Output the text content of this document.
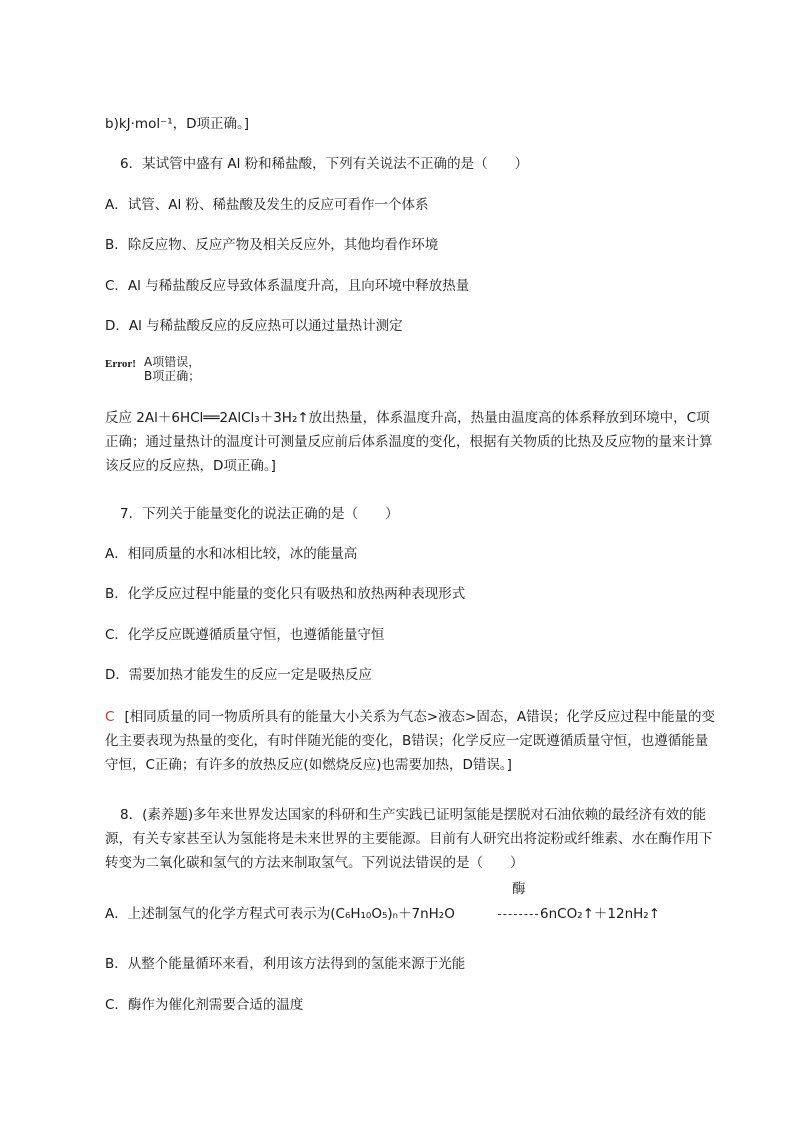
b)kJ·mol⁻¹，D项正确。]
6．某试管中盛有 Al 粉和稀盐酸，下列有关说法不正确的是（　　）
A．试管、Al 粉、稀盐酸及发生的反应可看作一个体系
B．除反应物、反应产物及相关反应外，其他均看作环境
C．Al 与稀盐酸反应导致体系温度升高，且向环境中释放热量
D．Al 与稀盐酸反应的反应热可以通过量热计测定
Error! A项错误，
B项正确；
反应 2Al＋6HCl══2AlCl₃＋3H₂↑放出热量，体系温度升高，热量由温度高的体系释放到环境中，C项正确；通过量热计的温度计可测量反应前后体系温度的变化，根据有关物质的比热及反应物的量来计算该反应的反应热，D项正确。]
7．下列关于能量变化的说法正确的是（　　）
A．相同质量的水和冰相比较，冰的能量高
B．化学反应过程中能量的变化只有吸热和放热两种表现形式
C．化学反应既遵循质量守恒，也遵循能量守恒
D．需要加热才能发生的反应一定是吸热反应
C [相同质量的同一物质所具有的能量大小关系为气态>液态>固态，A错误；化学反应过程中能量的变化主要表现为热量的变化，有时伴随光能的变化，B错误；化学反应一定既遵循质量守恒，也遵循能量守恒，C正确；有许多的放热反应(如燃烧反应)也需要加热，D错误。]
8．(素养题)多年来世界发达国家的科研和生产实践已证明氢能是摆脱对石油依赖的最经济有效的能源，有关专家甚至认为氢能将是未来世界的主要能源。目前有人研究出将淀粉或纤维素、水在酶作用下转变为二氧化碳和氢气的方法来制取氢气。下列说法错误的是（　　）
A．上述制氢气的化学方程式可表示为(C₆H₁₀O₅)ₙ＋7nH₂O
酶
6nCO₂↑＋12nH₂↑
B．从整个能量循环来看，利用该方法得到的氢能来源于光能
C．酶作为催化剂需要合适的温度
